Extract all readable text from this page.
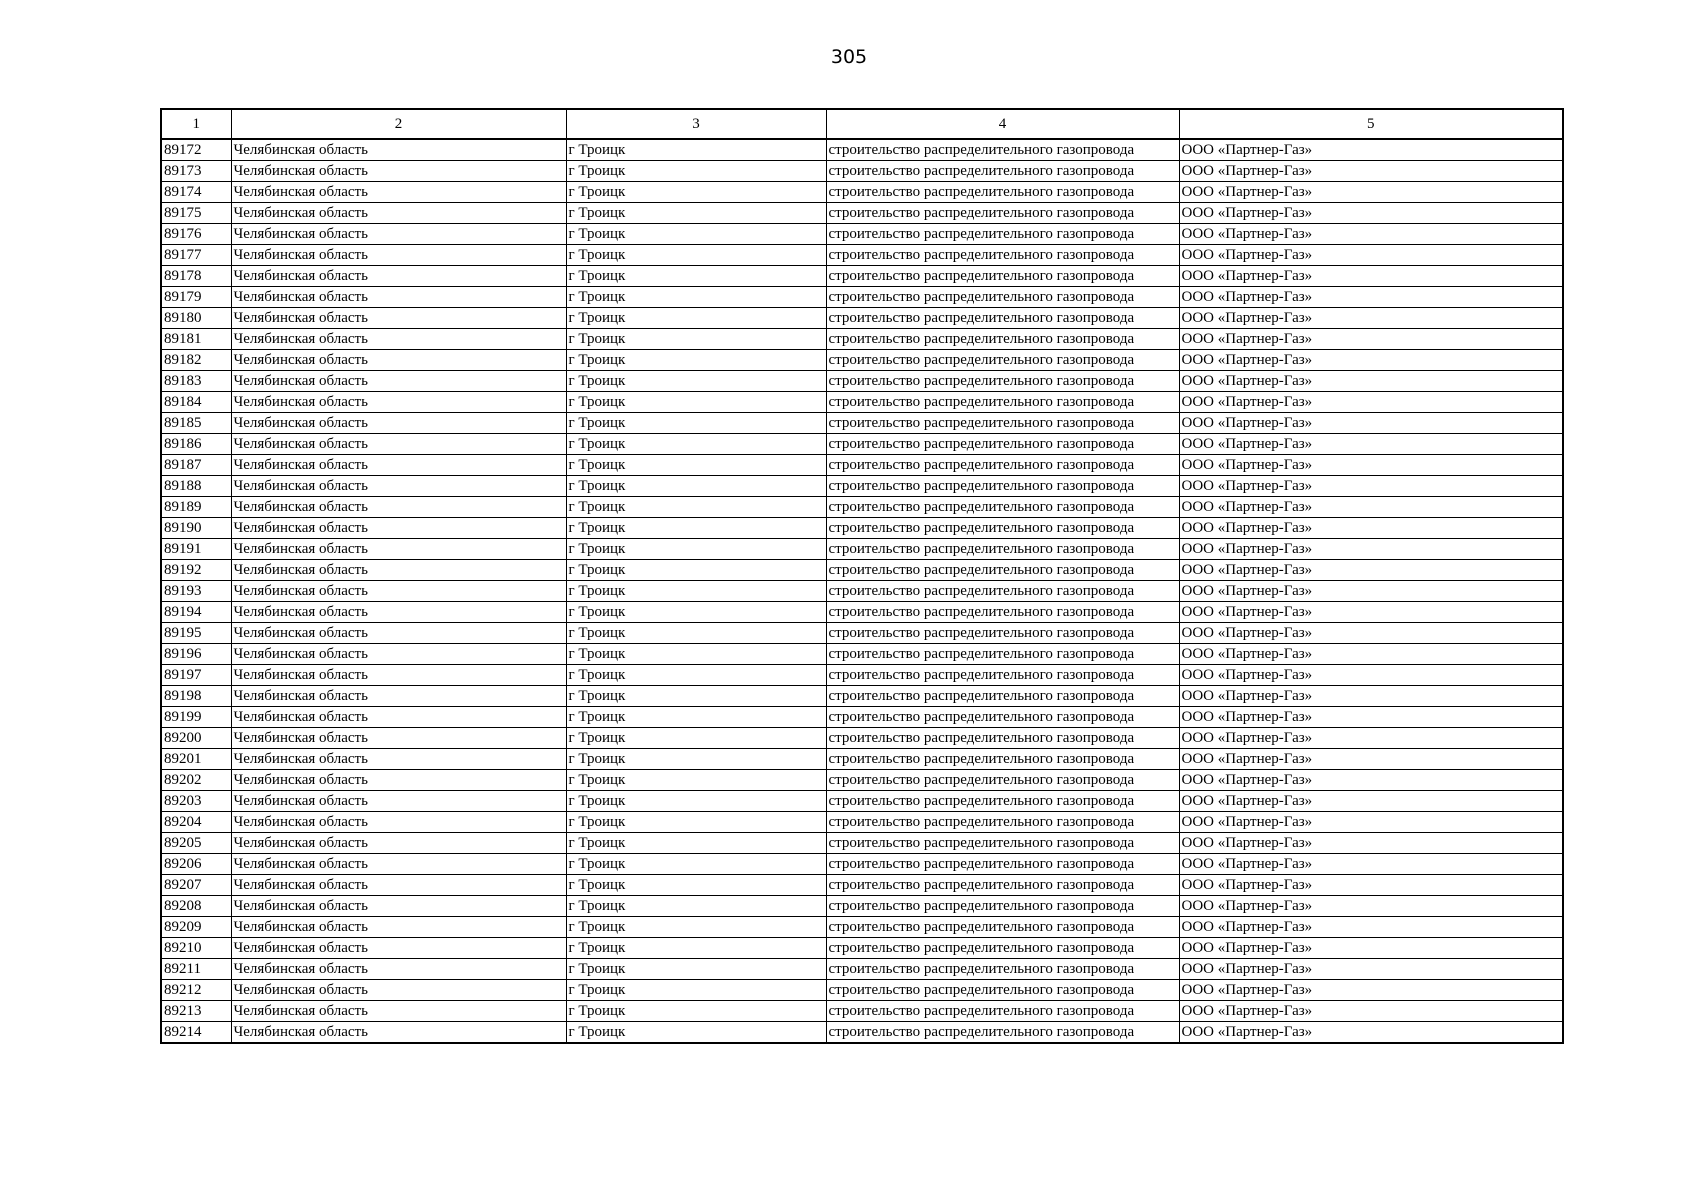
305
1	2	3	4	5
89172	Челябинская область	г Троицк	строительство распределительного газопровода	ООО «Партнер-Газ»
89173	Челябинская область	г Троицк	строительство распределительного газопровода	ООО «Партнер-Газ»
89174	Челябинская область	г Троицк	строительство распределительного газопровода	ООО «Партнер-Газ»
89175	Челябинская область	г Троицк	строительство распределительного газопровода	ООО «Партнер-Газ»
89176	Челябинская область	г Троицк	строительство распределительного газопровода	ООО «Партнер-Газ»
89177	Челябинская область	г Троицк	строительство распределительного газопровода	ООО «Партнер-Газ»
89178	Челябинская область	г Троицк	строительство распределительного газопровода	ООО «Партнер-Газ»
89179	Челябинская область	г Троицк	строительство распределительного газопровода	ООО «Партнер-Газ»
89180	Челябинская область	г Троицк	строительство распределительного газопровода	ООО «Партнер-Газ»
89181	Челябинская область	г Троицк	строительство распределительного газопровода	ООО «Партнер-Газ»
89182	Челябинская область	г Троицк	строительство распределительного газопровода	ООО «Партнер-Газ»
89183	Челябинская область	г Троицк	строительство распределительного газопровода	ООО «Партнер-Газ»
89184	Челябинская область	г Троицк	строительство распределительного газопровода	ООО «Партнер-Газ»
89185	Челябинская область	г Троицк	строительство распределительного газопровода	ООО «Партнер-Газ»
89186	Челябинская область	г Троицк	строительство распределительного газопровода	ООО «Партнер-Газ»
89187	Челябинская область	г Троицк	строительство распределительного газопровода	ООО «Партнер-Газ»
89188	Челябинская область	г Троицк	строительство распределительного газопровода	ООО «Партнер-Газ»
89189	Челябинская область	г Троицк	строительство распределительного газопровода	ООО «Партнер-Газ»
89190	Челябинская область	г Троицк	строительство распределительного газопровода	ООО «Партнер-Газ»
89191	Челябинская область	г Троицк	строительство распределительного газопровода	ООО «Партнер-Газ»
89192	Челябинская область	г Троицк	строительство распределительного газопровода	ООО «Партнер-Газ»
89193	Челябинская область	г Троицк	строительство распределительного газопровода	ООО «Партнер-Газ»
89194	Челябинская область	г Троицк	строительство распределительного газопровода	ООО «Партнер-Газ»
89195	Челябинская область	г Троицк	строительство распределительного газопровода	ООО «Партнер-Газ»
89196	Челябинская область	г Троицк	строительство распределительного газопровода	ООО «Партнер-Газ»
89197	Челябинская область	г Троицк	строительство распределительного газопровода	ООО «Партнер-Газ»
89198	Челябинская область	г Троицк	строительство распределительного газопровода	ООО «Партнер-Газ»
89199	Челябинская область	г Троицк	строительство распределительного газопровода	ООО «Партнер-Газ»
89200	Челябинская область	г Троицк	строительство распределительного газопровода	ООО «Партнер-Газ»
89201	Челябинская область	г Троицк	строительство распределительного газопровода	ООО «Партнер-Газ»
89202	Челябинская область	г Троицк	строительство распределительного газопровода	ООО «Партнер-Газ»
89203	Челябинская область	г Троицк	строительство распределительного газопровода	ООО «Партнер-Газ»
89204	Челябинская область	г Троицк	строительство распределительного газопровода	ООО «Партнер-Газ»
89205	Челябинская область	г Троицк	строительство распределительного газопровода	ООО «Партнер-Газ»
89206	Челябинская область	г Троицк	строительство распределительного газопровода	ООО «Партнер-Газ»
89207	Челябинская область	г Троицк	строительство распределительного газопровода	ООО «Партнер-Газ»
89208	Челябинская область	г Троицк	строительство распределительного газопровода	ООО «Партнер-Газ»
89209	Челябинская область	г Троицк	строительство распределительного газопровода	ООО «Партнер-Газ»
89210	Челябинская область	г Троицк	строительство распределительного газопровода	ООО «Партнер-Газ»
89211	Челябинская область	г Троицк	строительство распределительного газопровода	ООО «Партнер-Газ»
89212	Челябинская область	г Троицк	строительство распределительного газопровода	ООО «Партнер-Газ»
89213	Челябинская область	г Троицк	строительство распределительного газопровода	ООО «Партнер-Газ»
89214	Челябинская область	г Троицк	строительство распределительного газопровода	ООО «Партнер-Газ»
